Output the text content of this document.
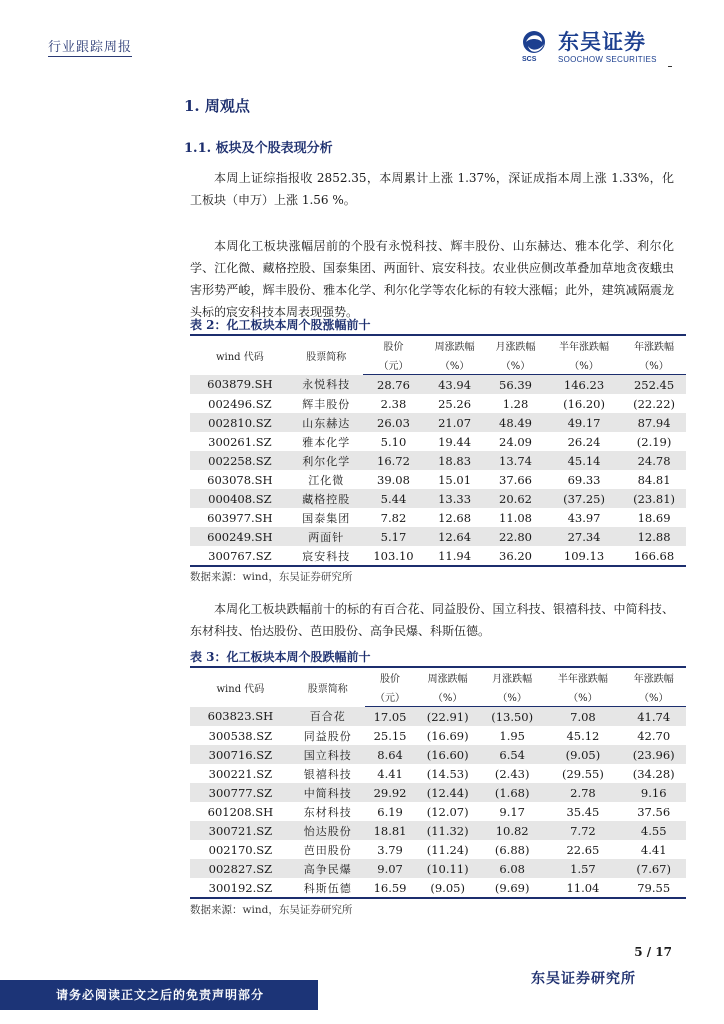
行业跟踪周报
SCS
东吴证券
SOOCHOW SECURITIES
1. 周观点
1.1. 板块及个股表现分析

本周上证综指报收 2852.35，本周累计上涨 1.37%，深证成指本周上涨 1.33%，化工板块（申万）上涨 1.56 %。

本周化工板块涨幅居前的个股有永悦科技、辉丰股份、山东赫达、雅本化学、利尔化学、江化微、藏格控股、国泰集团、两面针、宸安科技。农业供应侧改革叠加草地贪夜蛾虫害形势严峻，辉丰股份、雅本化学、利尔化学等农化标的有较大涨幅；此外，建筑减隔震龙头标的宸安科技本周表现强势。

表 2：化工板块本周个股涨幅前十
wind 代码	股票简称	股价	周涨跌幅	月涨跌幅	半年涨跌幅	年涨跌幅
		（元）	（%）	（%）	（%）	（%）
603879.SH	永悦科技	28.76	43.94	56.39	146.23	252.45
002496.SZ	辉丰股份	2.38	25.26	1.28	(16.20)	(22.22)
002810.SZ	山东赫达	26.03	21.07	48.49	49.17	87.94
300261.SZ	雅本化学	5.10	19.44	24.09	26.24	(2.19)
002258.SZ	利尔化学	16.72	18.83	13.74	45.14	24.78
603078.SH	江化微	39.08	15.01	37.66	69.33	84.81
000408.SZ	藏格控股	5.44	13.33	20.62	(37.25)	(23.81)
603977.SH	国泰集团	7.82	12.68	11.08	43.97	18.69
600249.SH	两面针	5.17	12.64	22.80	27.34	12.88
300767.SZ	宸安科技	103.10	11.94	36.20	109.13	166.68
数据来源：wind，东吴证券研究所

本周化工板块跌幅前十的标的有百合花、同益股份、国立科技、银禧科技、中简科技、东材科技、怡达股份、芭田股份、高争民爆、科斯伍德。

表 3：化工板块本周个股跌幅前十
wind 代码	股票简称	股价	周涨跌幅	月涨跌幅	半年涨跌幅	年涨跌幅
		（元）	（%）	（%）	（%）	（%）
603823.SH	百合花	17.05	(22.91)	(13.50)	7.08	41.74
300538.SZ	同益股份	25.15	(16.69)	1.95	45.12	42.70
300716.SZ	国立科技	8.64	(16.60)	6.54	(9.05)	(23.96)
300221.SZ	银禧科技	4.41	(14.53)	(2.43)	(29.55)	(34.28)
300777.SZ	中简科技	29.92	(12.44)	(1.68)	2.78	9.16
601208.SH	东材科技	6.19	(12.07)	9.17	35.45	37.56
300721.SZ	怡达股份	18.81	(11.32)	10.82	7.72	4.55
002170.SZ	芭田股份	3.79	(11.24)	(6.88)	22.65	4.41
002827.SZ	高争民爆	9.07	(10.11)	6.08	1.57	(7.67)
300192.SZ	科斯伍德	16.59	(9.05)	(9.69)	11.04	79.55
数据来源：wind，东吴证券研究所
5 / 17
东吴证券研究所
请务必阅读正文之后的免责声明部分
